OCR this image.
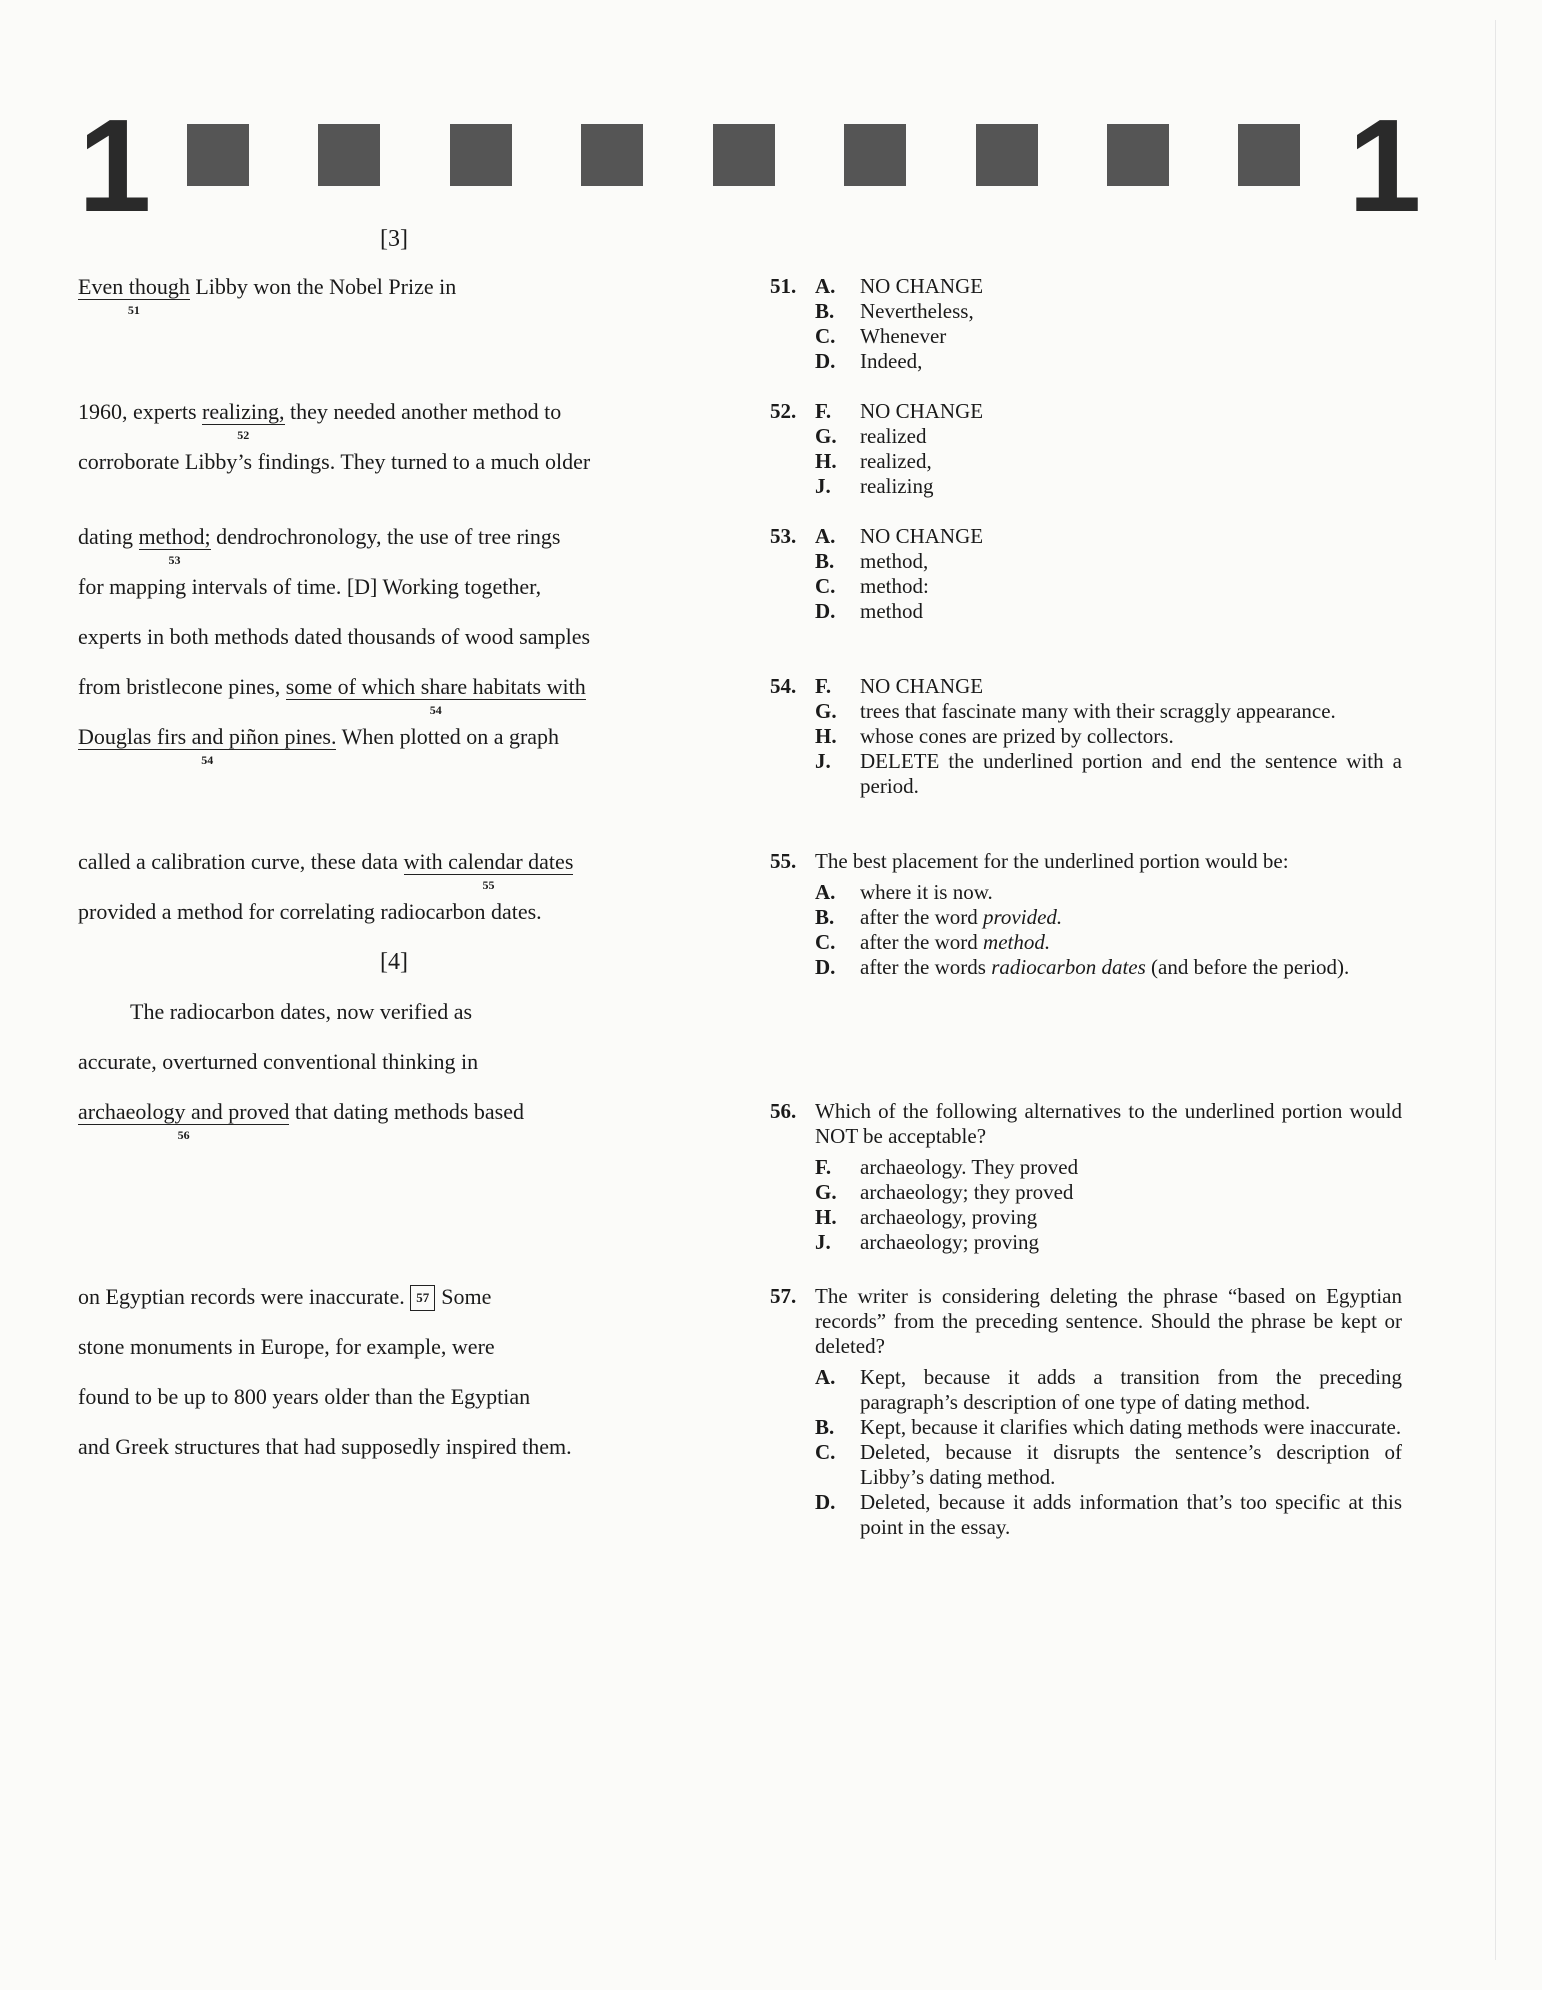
1	1
[3]
Even though
51
Libby won the Nobel Prize in
1960, experts realizing,
52
they needed another method to
corroborate Libby’s findings. They turned to a much older
dating method;
53
dendrochronology, the use of tree rings
for mapping intervals of time. [D] Working together,
experts in both methods dated thousands of wood samples
from bristlecone pines, some of which share habitats with
54
Douglas firs and piñon pines.
54
When plotted on a graph
called a calibration curve, these data with calendar dates
55
provided a method for correlating radiocarbon dates.
[4]
The radiocarbon dates, now verified as
accurate, overturned conventional thinking in
archaeology and proved
56
that dating methods based
on Egyptian records were inaccurate. 57 Some
stone monuments in Europe, for example, were
found to be up to 800 years older than the Egyptian
and Greek structures that had supposedly inspired them.
51. A. NO CHANGE
B. Nevertheless,
C. Whenever
D. Indeed,
52. F. NO CHANGE
G. realized
H. realized,
J. realizing
53. A. NO CHANGE
B. method,
C. method:
D. method
54. F. NO CHANGE
G. trees that fascinate many with their scraggly appearance.
H. whose cones are prized by collectors.
J. DELETE the underlined portion and end the sentence with a period.
55. The best placement for the underlined portion would be:
A. where it is now.
B. after the word provided.
C. after the word method.
D. after the words radiocarbon dates (and before the period).
56. Which of the following alternatives to the underlined portion would NOT be acceptable?
F. archaeology. They proved
G. archaeology; they proved
H. archaeology, proving
J. archaeology; proving
57. The writer is considering deleting the phrase “based on Egyptian records” from the preceding sentence. Should the phrase be kept or deleted?
A. Kept, because it adds a transition from the preceding paragraph’s description of one type of dating method.
B. Kept, because it clarifies which dating methods were inaccurate.
C. Deleted, because it disrupts the sentence’s description of Libby’s dating method.
D. Deleted, because it adds information that’s too specific at this point in the essay.
